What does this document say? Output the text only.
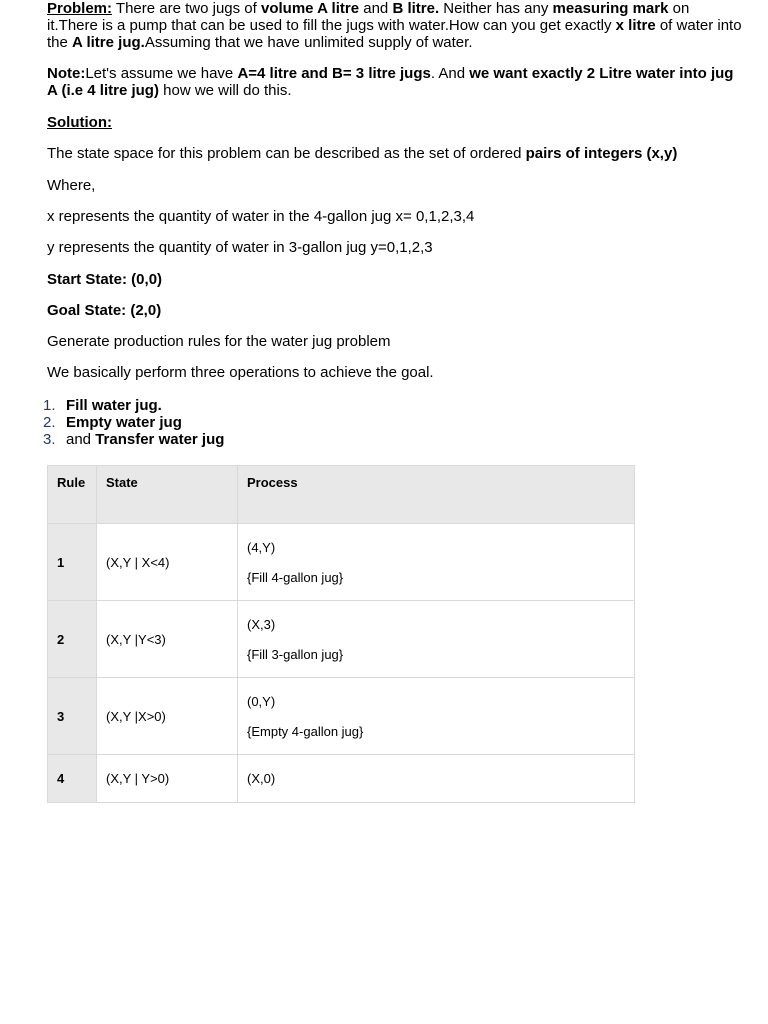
Problem: There are two jugs of volume A litre and B litre. Neither has any measuring mark on it.There is a pump that can be used to fill the jugs with water.How can you get exactly x litre of water into the A litre jug.Assuming that we have unlimited supply of water.

Note:Let's assume we have A=4 litre and B= 3 litre jugs. And we want exactly 2 Litre water into jug A (i.e 4 litre jug) how we will do this.

Solution:

The state space for this problem can be described as the set of ordered pairs of integers (x,y)

Where,

x represents the quantity of water in the 4-gallon jug x= 0,1,2,3,4

y represents the quantity of water in 3-gallon jug y=0,1,2,3

Start State: (0,0)

Goal State: (2,0)

Generate production rules for the water jug problem

We basically perform three operations to achieve the goal.

1. Fill water jug.
2. Empty water jug
3. and Transfer water jug
Rule	State	Process
1	(X,Y | X<4)	(4,Y)
{Fill 4-gallon jug}

2	(X,Y |Y<3)	(X,3)
{Fill 3-gallon jug}

3	(X,Y |X>0)	(0,Y)
{Empty 4-gallon jug}

4	(X,Y | Y>0)	(X,0)
